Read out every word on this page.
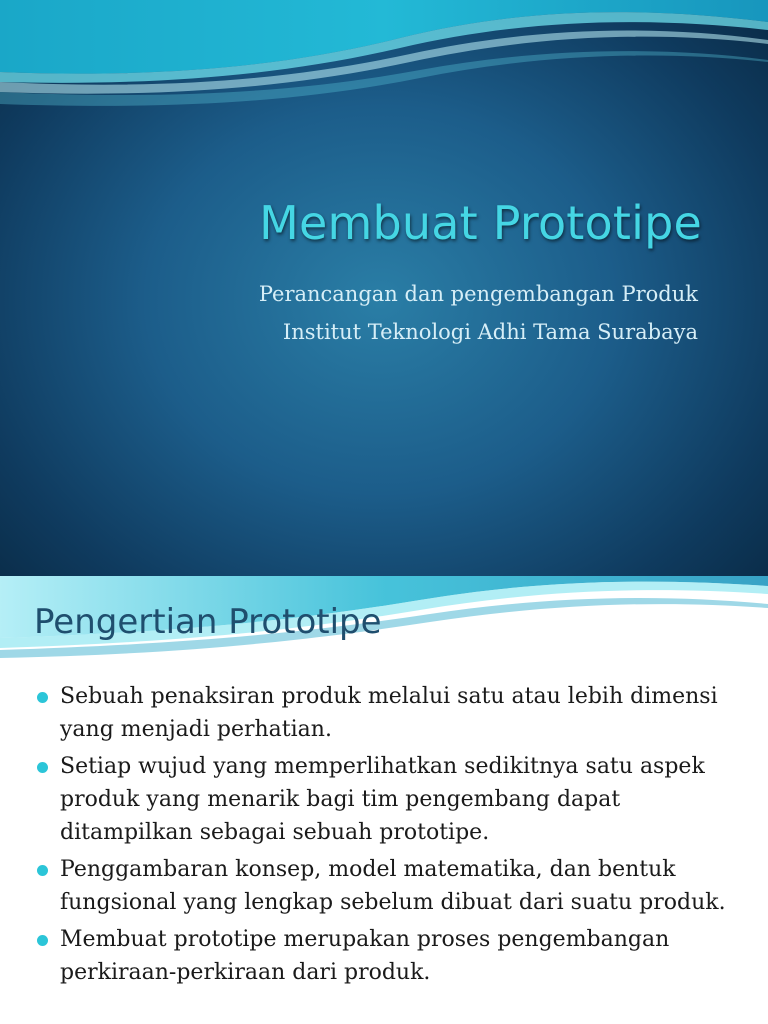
Membuat Prototipe
Perancangan dan pengembangan Produk
Institut Teknologi Adhi Tama Surabaya
Pengertian Prototipe
Sebuah penaksiran produk melalui satu atau lebih dimensi yang menjadi perhatian.
Setiap wujud yang memperlihatkan sedikitnya satu aspek produk yang menarik bagi tim pengembang dapat ditampilkan sebagai sebuah prototipe.
Penggambaran konsep, model matematika, dan bentuk fungsional yang lengkap sebelum dibuat dari suatu produk.
Membuat prototipe merupakan proses pengembangan perkiraan-perkiraan dari produk.
